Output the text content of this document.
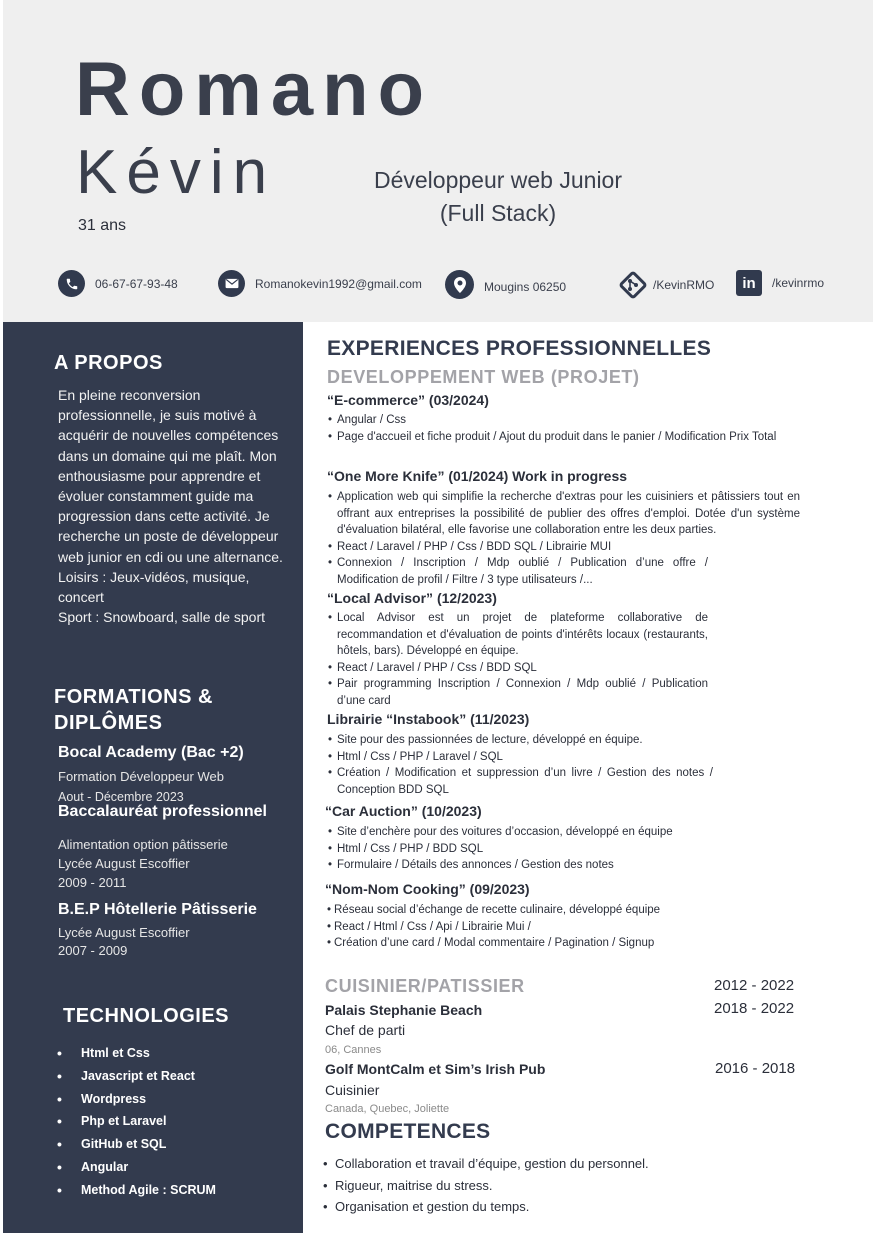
Romano
Kévin
31 ans
Développeur web Junior
(Full Stack)
06-67-67-93-48	Romanokevin1992@gmail.com	Mougins 06250	/KevinRMO	in	/kevinrmo
A PROPOS
En pleine reconversion professionnelle, je suis motivé à acquérir de nouvelles compétences dans un domaine qui me plaît. Mon enthousiasme pour apprendre et évoluer constamment guide ma progression dans cette activité. Je recherche un poste de développeur web junior en cdi ou une alternance.
Loisirs : Jeux-vidéos, musique, concert
Sport : Snowboard, salle de sport
FORMATIONS &
DIPLÔMES
Bocal Academy (Bac +2)
Formation Développeur Web
Aout - Décembre 2023
Baccalauréat professionnel
Alimentation option pâtisserie
Lycée August Escoffier
2009 - 2011
B.E.P Hôtellerie Pâtisserie
Lycée August Escoffier
2007 - 2009
TECHNOLOGIES
• Html et Css
• Javascript et React
• Wordpress
• Php et Laravel
• GitHub et SQL
• Angular
• Method Agile : SCRUM
EXPERIENCES PROFESSIONNELLES
DEVELOPPEMENT WEB (PROJET)
“E-commerce” (03/2024)
• Angular / Css
• Page d'accueil et fiche produit / Ajout du produit dans le panier / Modification Prix Total
“One More Knife” (01/2024) Work in progress
• Application web qui simplifie la recherche d'extras pour les cuisiniers et pâtissiers tout en offrant aux entreprises la possibilité de publier des offres d'emploi. Dotée d'un système d'évaluation bilatéral, elle favorise une collaboration entre les deux parties.
• React / Laravel / PHP / Css / BDD SQL / Librairie MUI
• Connexion / Inscription / Mdp oublié / Publication d’une offre / Modification de profil / Filtre / 3 type utilisateurs /...
“Local Advisor” (12/2023)
• Local Advisor est un projet de plateforme collaborative de recommandation et d'évaluation de points d'intérêts locaux (restaurants, hôtels, bars). Développé en équipe.
• React / Laravel / PHP / Css / BDD SQL
• Pair programming Inscription / Connexion / Mdp oublié / Publication d’une card
Librairie “Instabook” (11/2023)
• Site pour des passionnées de lecture, développé en équipe.
• Html / Css / PHP / Laravel / SQL
• Création / Modification et suppression d’un livre / Gestion des notes / Conception BDD SQL
“Car Auction” (10/2023)
• Site d’enchère pour des voitures d’occasion, développé en équipe
• Html / Css / PHP / BDD SQL
• Formulaire / Détails des annonces / Gestion des notes
“Nom-Nom Cooking” (09/2023)
• Réseau social d’échange de recette culinaire, développé équipe
• React / Html / Css / Api / Librairie Mui /
• Création d’une card / Modal commentaire / Pagination / Signup
CUISINIER/PATISSIER	2012 - 2022
Palais Stephanie Beach	2018 - 2022
Chef de parti
06, Cannes
Golf MontCalm et Sim’s Irish Pub	2016 - 2018
Cuisinier
Canada, Quebec, Joliette
COMPETENCES
• Collaboration et travail d’équipe, gestion du personnel.
• Rigueur, maitrise du stress.
• Organisation et gestion du temps.
